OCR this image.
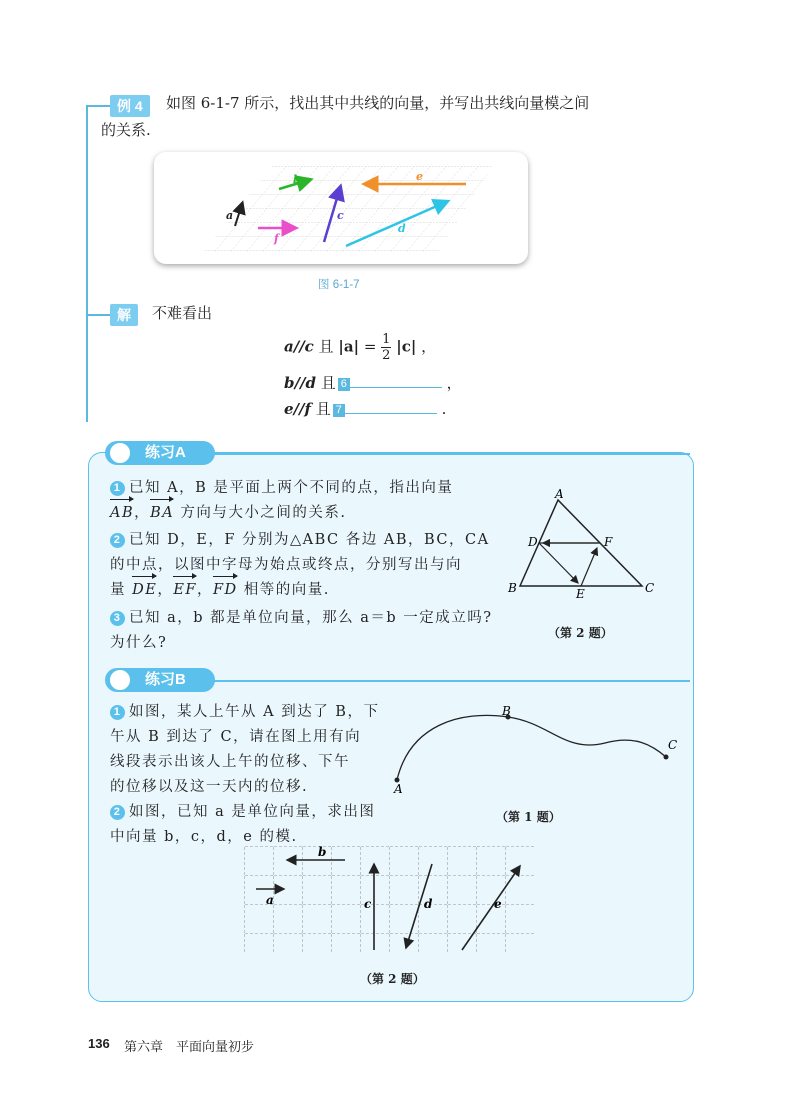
例 4	如图 6-1-7 所示，找出其中共线的向量，并写出共线向量模之间
的关系.
a
b
c
d
e
f
图 6-1-7
解	不难看出
a//c 且 $|a| = \frac{1}{2} |c|$ ，
b//d 且 6	，
e//f 且 7	.
练习A
1 已知 A，B 是平面上两个不同的点，指出向量
AB，BA 方向与大小之间的关系.
2 已知 D，E，F 分别为△ABC 各边 AB，BC，CA
的中点，以图中字母为始点或终点，分别写出与向
量 DE，EF，FD 相等的向量.
3 已知 a，b 都是单位向量，那么 a＝b 一定成立吗?
为什么?
A
B	C
D
E
F
（第 2 题）
练习B
1 如图，某人上午从 A 到达了 B，下
午从 B 到达了 C，请在图上用有向
线段表示出该人上午的位移、下午
的位移以及这一天内的位移.
2 如图，已知 a 是单位向量，求出图
中向量 b，c，d，e 的模.
A
B
C
（第 1 题）
a
b
c	d	e
（第 2 题）
136 第六章　平面向量初步
